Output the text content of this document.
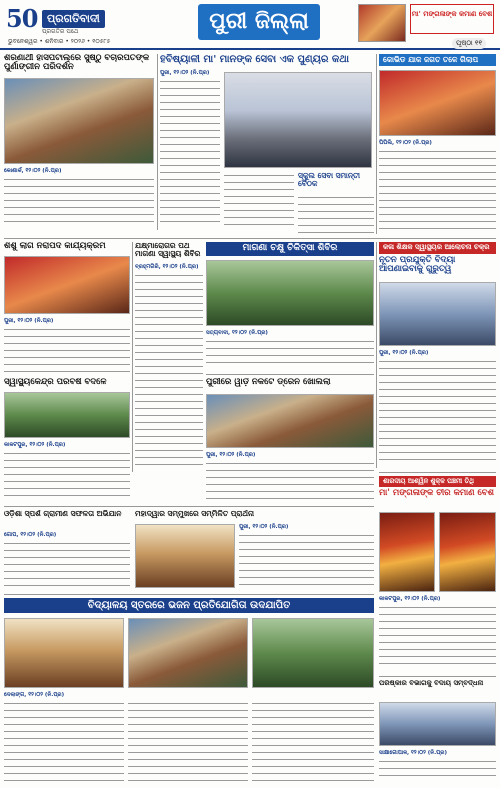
50 ପ୍ରଗତିବାଦୀ
ପ୍ରଗତିର ପଥେ
ଭୁବନେଶ୍ୱର • ଶନିବାର • ୨୦୨୬ • ୧୦୫୮୫
ପୁରୀ ଜିଲ୍ଲା	ମା' ମଙ୍ଗଳାଙ୍କ କମାଣ ବେଶ
ପୃଷ୍ଠା ୧୧
ଶରଣାର୍ଥୀ ହାସପିଟାଲ୍‌ରେ ସୁଷ୍ଠୁ ବିଚାରପତିଙ୍କ ପୁର୍ଣାଙ୍ଗୀନ ପରିଦର୍ଶନ
କୋଣାର୍କ, ୧୨।୦୨ (ନି.ପ୍ର)
ହବିଷ୍ୟାଳୀ ମା' ମାନଙ୍କ ସେବା ଏକ ପୁଣ୍ୟର କଥା
ପୁରୀ, ୧୨।୦୨ (ନି.ପ୍ର)
ସ୍କୁଲ ସେବା ସମାନ୍ତୀ ବୈଠକ
କୋଭିଡ ଯାକ ଜଗତ ତଳେ ଗିଲାପ
ପିପିଲି, ୧୨।୦୨ (ନି.ପ୍ର)
ଶିଶୁ ଲାଗି ନିରାପଦ କାର୍ଯ୍ୟକ୍ରମ
ପୁରୀ, ୧୨।୦୨ (ନି.ପ୍ର)
ଯକ୍ଷ୍ମାରୋଗର ପଥ ମାଗଣା ସ୍ୱାସ୍ଥ୍ୟ ଶିବିର
ବ୍ରହ୍ମଗିରି, ୧୨।୦୨ (ନି.ପ୍ର)
ମାଗଣା ଚକ୍ଷୁ ଚିକିତ୍ସା ଶିବିର
ସତ୍ୟବାଦୀ, ୧୨।୦୨ (ନି.ପ୍ର)
କଳା ଶିକ୍ଷକ ସ୍ୱାସ୍ଥ୍ୟର ଆଲୋଚନା ଚକ୍ର
ନୂତନ ପ୍ରଯୁକ୍ତି ବିଦ୍ୟା ଆପଣାଇବାକୁ ଗୁରୁତ୍ୱ
ପୁରୀ, ୧୨।୦୨ (ନି.ପ୍ର)
ସ୍ୱାସ୍ଥ୍ୟକେନ୍ଦ୍ର ପରିବର୍ଷ ବଦଳେ
କାକଟପୁର, ୧୨।୦୨ (ନି.ପ୍ର)
ପୁରୀରେ ୱାର୍ଡ଼ ନିକଟେ ଡ୍ରେନ ଖୋଲିଲା
ପୁରୀ, ୧୨।୦୨ (ନି.ପ୍ର)
ଶାରଦୀୟ ଆଶ୍ୱିନ ଶୁକ୍ଳ ପଞ୍ଚମୀ ତିଥି
ମା' ମଙ୍ଗଳାଙ୍କ ଚୀର କମାଣ ବେଶ
କାକଟପୁର, ୧୨।୦୨ (ନି.ପ୍ର)
ଓଡ଼ିଶା ସ୍ପର୍ଶ ଗ୍ରାମୀଣ ସଫଳତା ଅଭିଯାନ
ଗୋପ, ୧୨।୦୨ (ନି.ପ୍ର)
ମହାଦ୍ୱାର ସମ୍ମୁଖରେ ସମ୍ମିଳିତ ପ୍ରାର୍ଥନା
ପୁରୀ, ୧୨।୦୨ (ନି.ପ୍ର)
ବିଦ୍ୟାଳୟ ସ୍ତରରେ ଭଜନ ପ୍ରତିଯୋଗିତା ଉଦଯାପିତ
ଦେଲାଙ୍ଗ, ୧୨।୦୨ (ନି.ପ୍ର)
ପରିଷ୍କାର ବିଭାଗକୁ ବିଦାୟ ସମ୍ବର୍ଦ୍ଧନା
ସାକ୍ଷୀଗୋପାଳ, ୧୨।୦୨ (ନି.ପ୍ର)
